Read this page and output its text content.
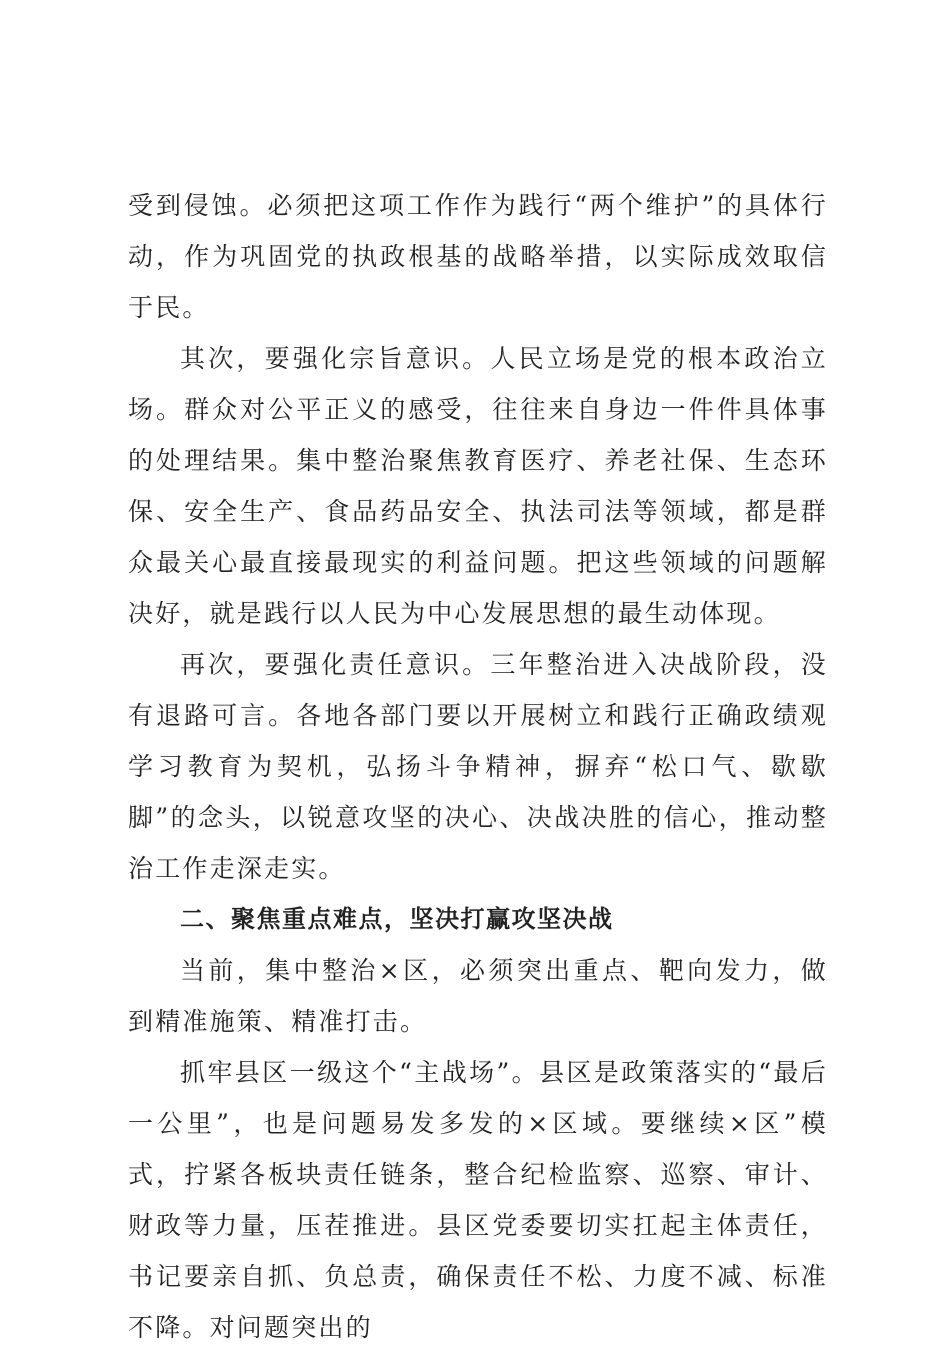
受到侵蚀。必须把这项工作作为践行“两个维护”的具体行动，作为巩固党的执政根基的战略举措，以实际成效取信于民。

其次，要强化宗旨意识。人民立场是党的根本政治立场。群众对公平正义的感受，往往来自身边一件件具体事的处理结果。集中整治聚焦教育医疗、养老社保、生态环保、安全生产、食品药品安全、执法司法等领域，都是群众最关心最直接最现实的利益问题。把这些领域的问题解决好，就是践行以人民为中心发展思想的最生动体现。

再次，要强化责任意识。三年整治进入决战阶段，没有退路可言。各地各部门要以开展树立和践行正确政绩观学习教育为契机，弘扬斗争精神，摒弃“松口气、歇歇脚”的念头，以锐意攻坚的决心、决战决胜的信心，推动整治工作走深走实。

二、聚焦重点难点，坚决打赢攻坚决战

当前，集中整治×区，必须突出重点、靶向发力，做到精准施策、精准打击。

抓牢县区一级这个“主战场”。县区是政策落实的“最后一公里”，也是问题易发多发的×区域。要继续×区”模式，拧紧各板块责任链条，整合纪检监察、巡察、审计、财政等力量，压茬推进。县区党委要切实扛起主体责任，书记要亲自抓、负总责，确保责任不松、力度不减、标准不降。对问题突出的
